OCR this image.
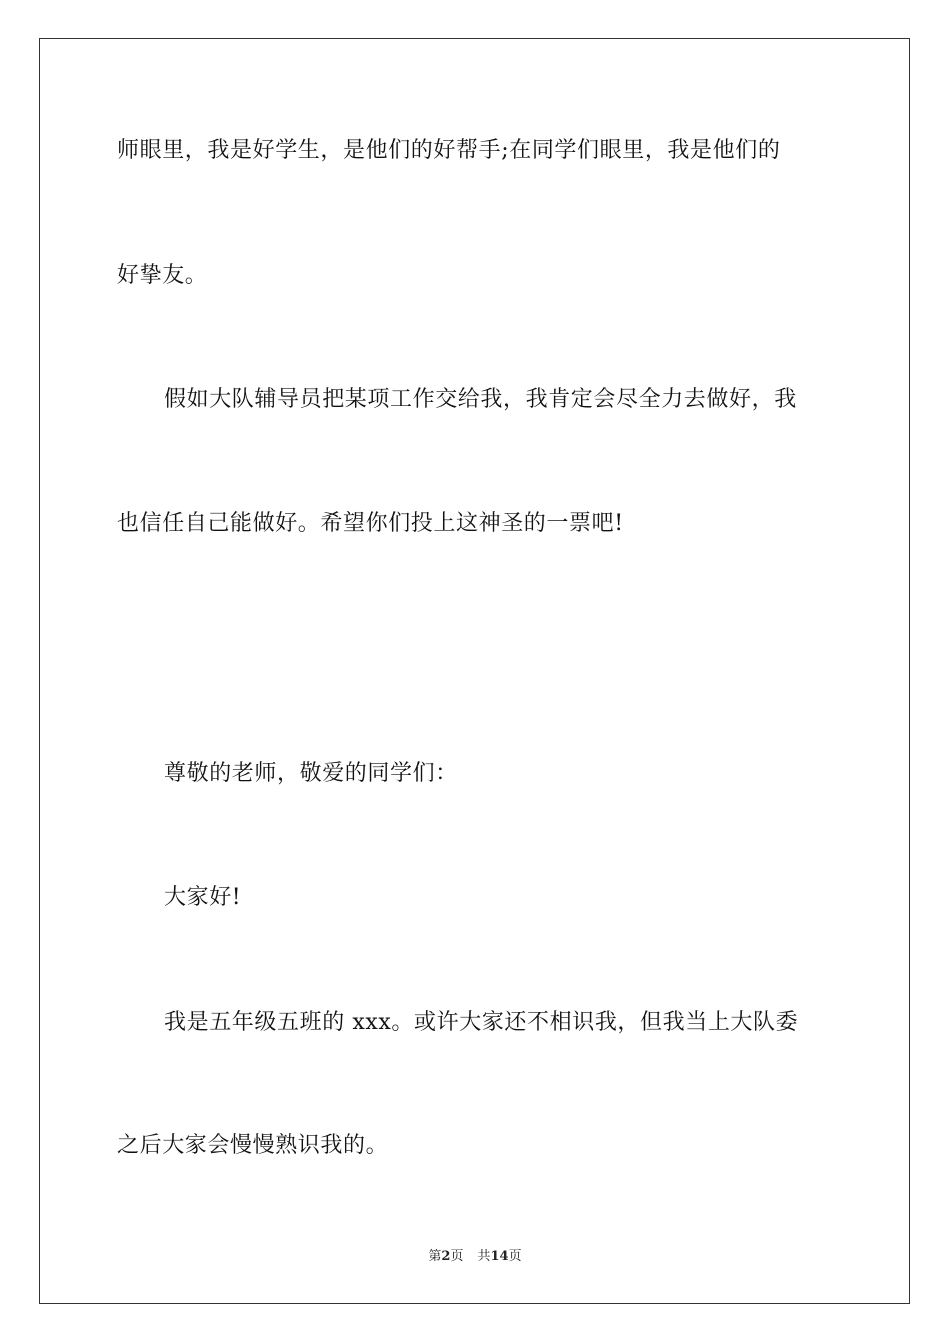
师眼里，我是好学生，是他们的好帮手;在同学们眼里，我是他们的
好挚友。
假如大队辅导员把某项工作交给我，我肯定会尽全力去做好，我
也信任自己能做好。希望你们投上这神圣的一票吧!
尊敬的老师，敬爱的同学们：
大家好!
我是五年级五班的 xxx。或许大家还不相识我，但我当上大队委
之后大家会慢慢熟识我的。
第2页 共14页
